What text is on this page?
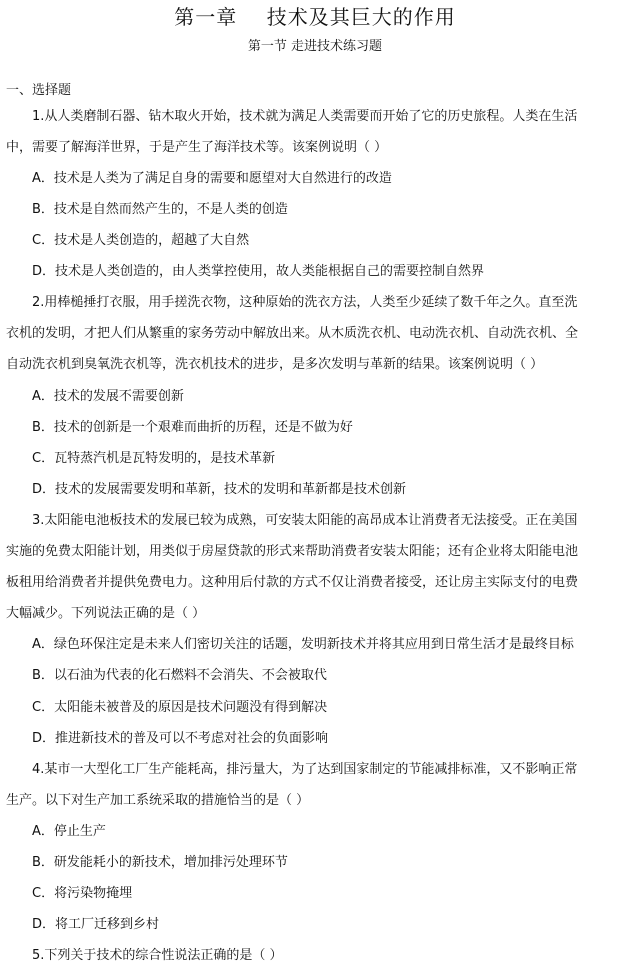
第一章    技术及其巨大的作用
第一节 走进技术练习题
一、选择题
1.从人类磨制石器、钻木取火开始，技术就为满足人类需要而开始了它的历史旅程。人类在生活
中，需要了解海洋世界，于是产生了海洋技术等。该案例说明（ ）
A．技术是人类为了满足自身的需要和愿望对大自然进行的改造
B．技术是自然而然产生的，不是人类的创造
C．技术是人类创造的，超越了大自然
D．技术是人类创造的，由人类掌控使用，故人类能根据自己的需要控制自然界
2.用棒槌捶打衣服，用手搓洗衣物，这种原始的洗衣方法，人类至少延续了数千年之久。直至洗
衣机的发明，才把人们从繁重的家务劳动中解放出来。从木质洗衣机、电动洗衣机、自动洗衣机、全
自动洗衣机到臭氧洗衣机等，洗衣机技术的进步，是多次发明与革新的结果。该案例说明（ ）
A．技术的发展不需要创新
B．技术的创新是一个艰难而曲折的历程，还是不做为好
C．瓦特蒸汽机是瓦特发明的，是技术革新
D．技术的发展需要发明和革新，技术的发明和革新都是技术创新
3.太阳能电池板技术的发展已较为成熟，可安装太阳能的高昂成本让消费者无法接受。正在美国
实施的免费太阳能计划，用类似于房屋贷款的形式来帮助消费者安装太阳能；还有企业将太阳能电池
板租用给消费者并提供免费电力。这种用后付款的方式不仅让消费者接受，还让房主实际支付的电费
大幅减少。下列说法正确的是（ ）
A．绿色环保注定是未来人们密切关注的话题，发明新技术并将其应用到日常生活才是最终目标
B．以石油为代表的化石燃料不会消失、不会被取代
C．太阳能未被普及的原因是技术问题没有得到解决
D．推进新技术的普及可以不考虑对社会的负面影响
4.某市一大型化工厂生产能耗高，排污量大，为了达到国家制定的节能减排标准，又不影响正常
生产。以下对生产加工系统采取的措施恰当的是（ ）
A．停止生产
B．研发能耗小的新技术，增加排污处理环节
C．将污染物掩埋
D．将工厂迁移到乡村
5.下列关于技术的综合性说法正确的是（ ）
